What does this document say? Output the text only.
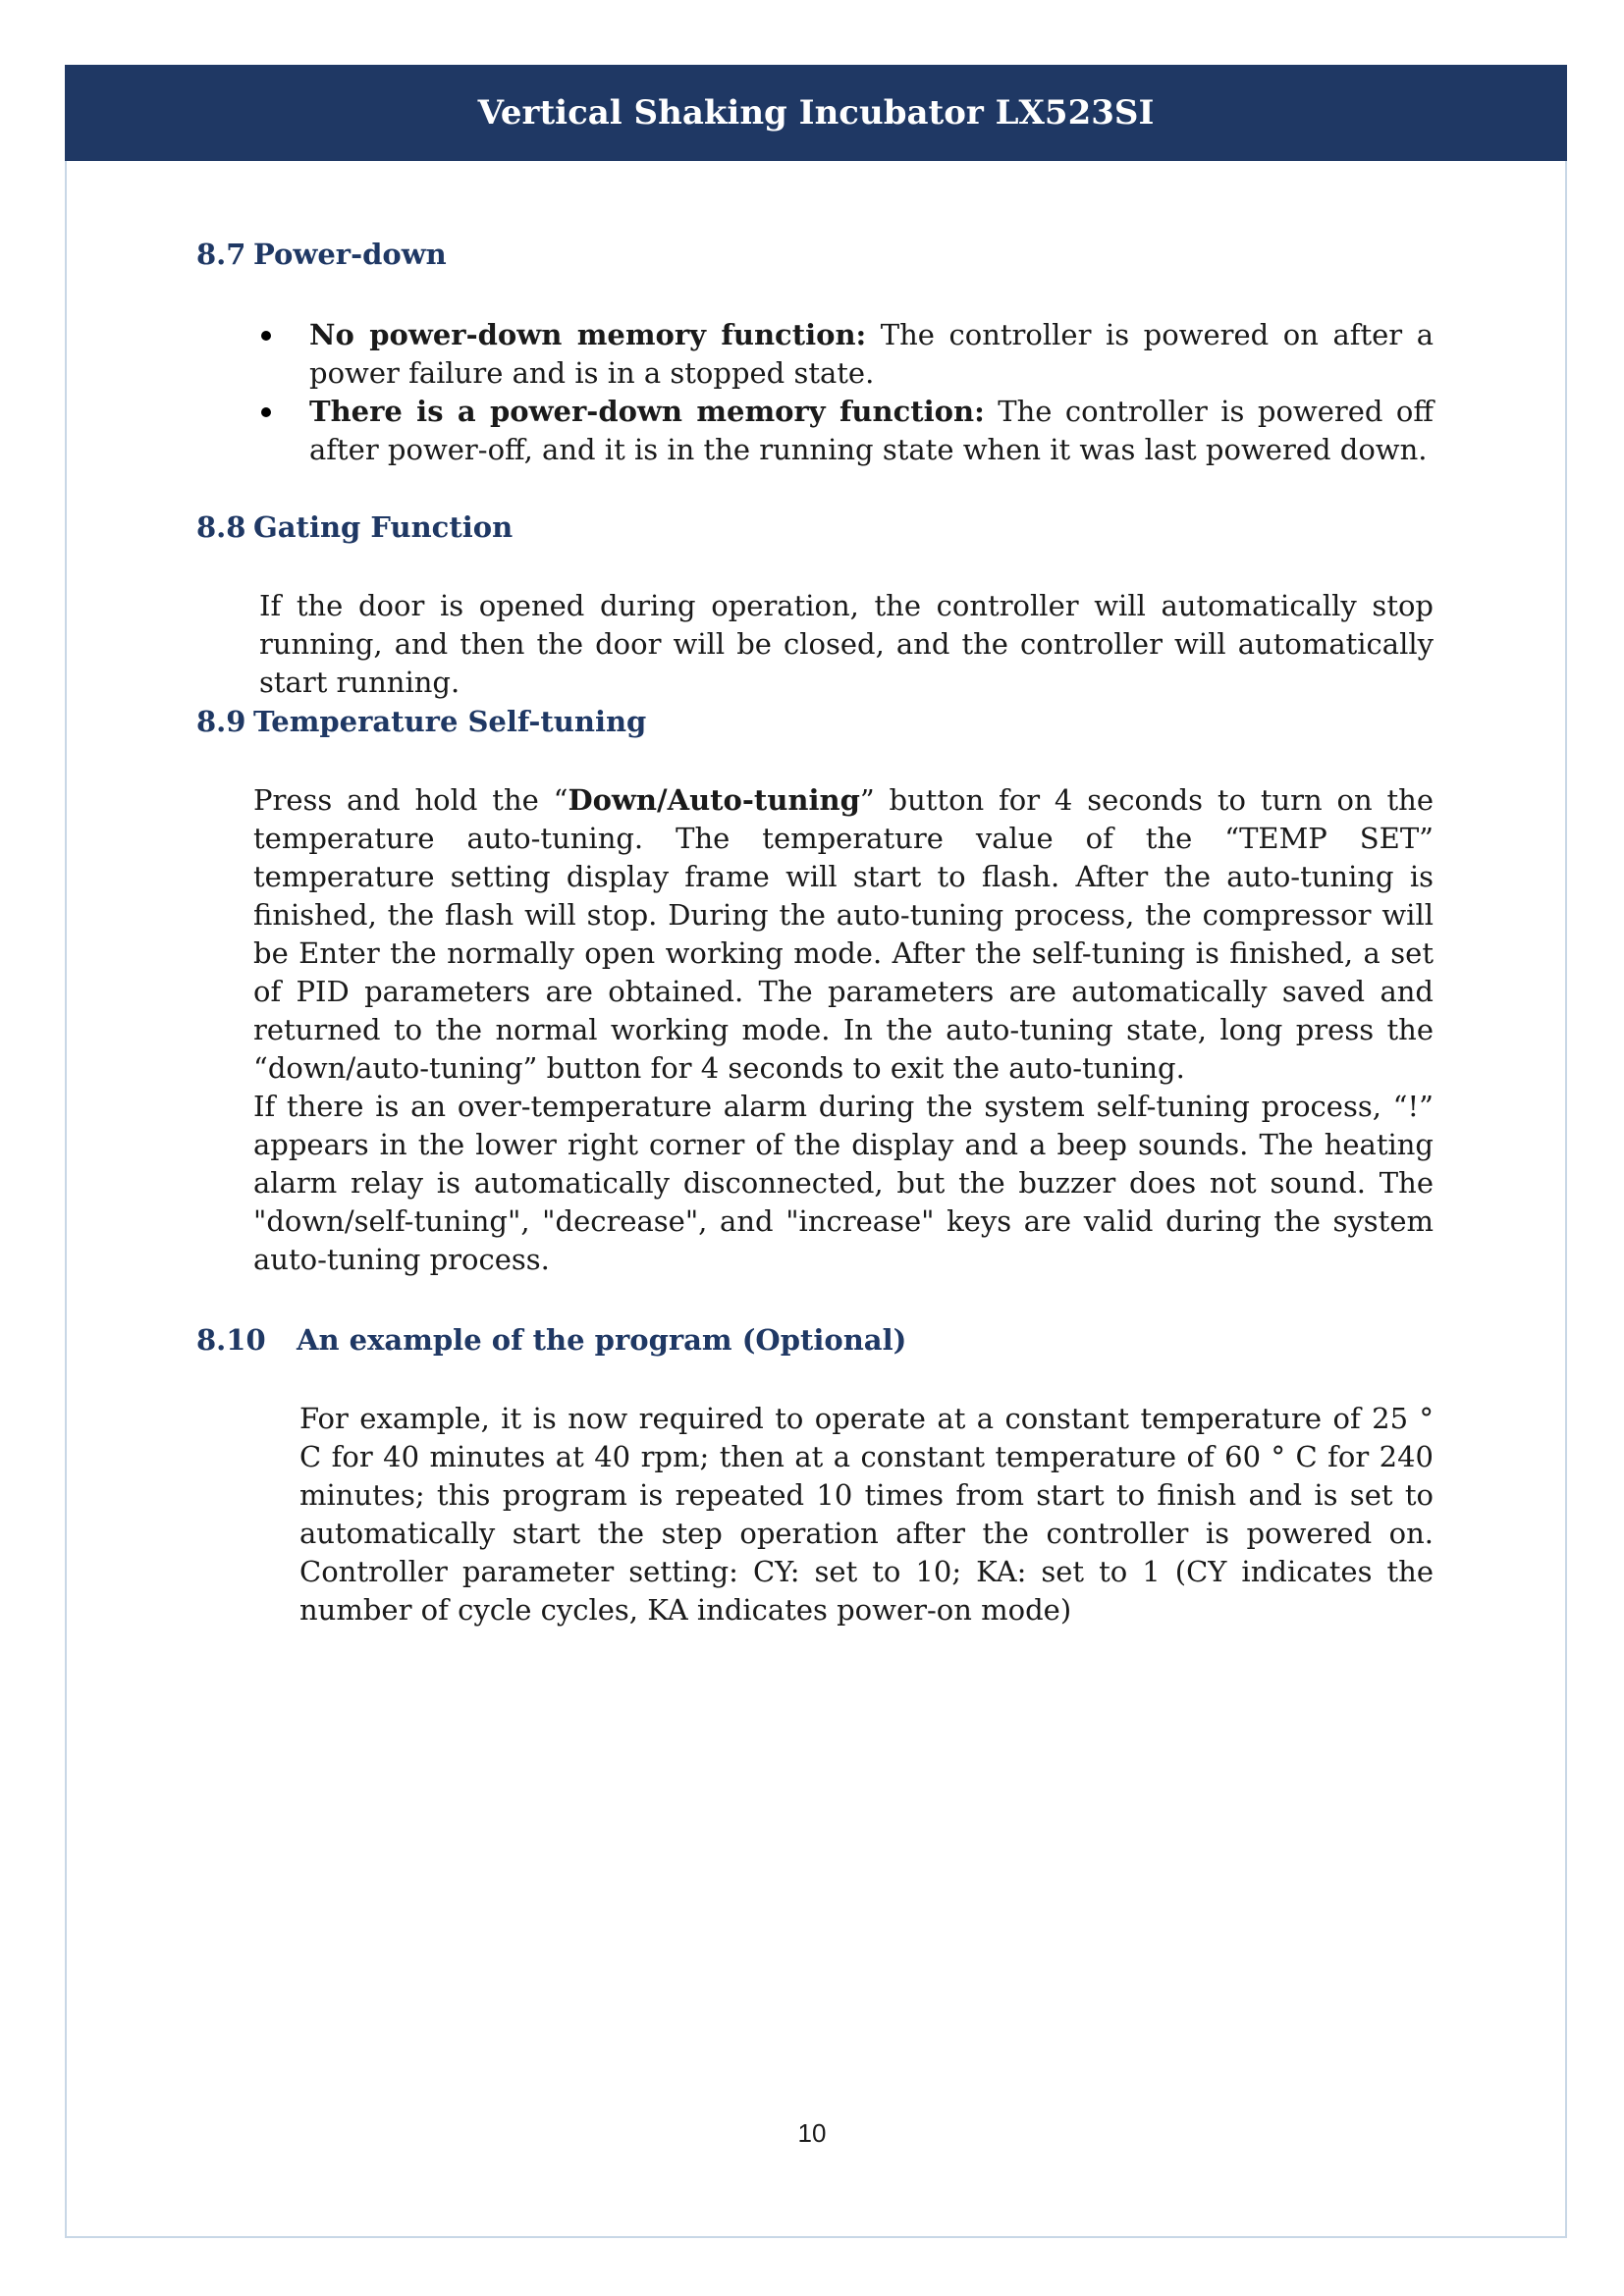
Vertical Shaking Incubator LX523SI
8.7 Power-down
No power-down memory function: The controller is powered on after a power failure and is in a stopped state.
There is a power-down memory function: The controller is powered off after power-off, and it is in the running state when it was last powered down.
8.8 Gating Function

If the door is opened during operation, the controller will automatically stop running, and then the door will be closed, and the controller will automatically start running.

8.9 Temperature Self-tuning

Press and hold the “Down/Auto-tuning” button for 4 seconds to turn on the temperature auto-tuning. The temperature value of the “TEMP SET” temperature setting display frame will start to flash. After the auto-tuning is finished, the flash will stop. During the auto-tuning process, the compressor will be Enter the normally open working mode. After the self-tuning is finished, a set of PID parameters are obtained. The parameters are automatically saved and returned to the normal working mode. In the auto-tuning state, long press the “down/auto-tuning” button for 4 seconds to exit the auto-tuning.

If there is an over-temperature alarm during the system self-tuning process, “!” appears in the lower right corner of the display and a beep sounds. The heating alarm relay is automatically disconnected, but the buzzer does not sound. The "down/self-tuning", "decrease", and "increase" keys are valid during the system auto-tuning process.

8.10	An example of the program (Optional)

For example, it is now required to operate at a constant temperature of 25 ° C for 40 minutes at 40 rpm; then at a constant temperature of 60 ° C for 240 minutes; this program is repeated 10 times from start to finish and is set to automatically start the step operation after the controller is powered on. Controller parameter setting: CY: set to 10; KA: set to 1 (CY indicates the number of cycle cycles, KA indicates power-on mode)

10
